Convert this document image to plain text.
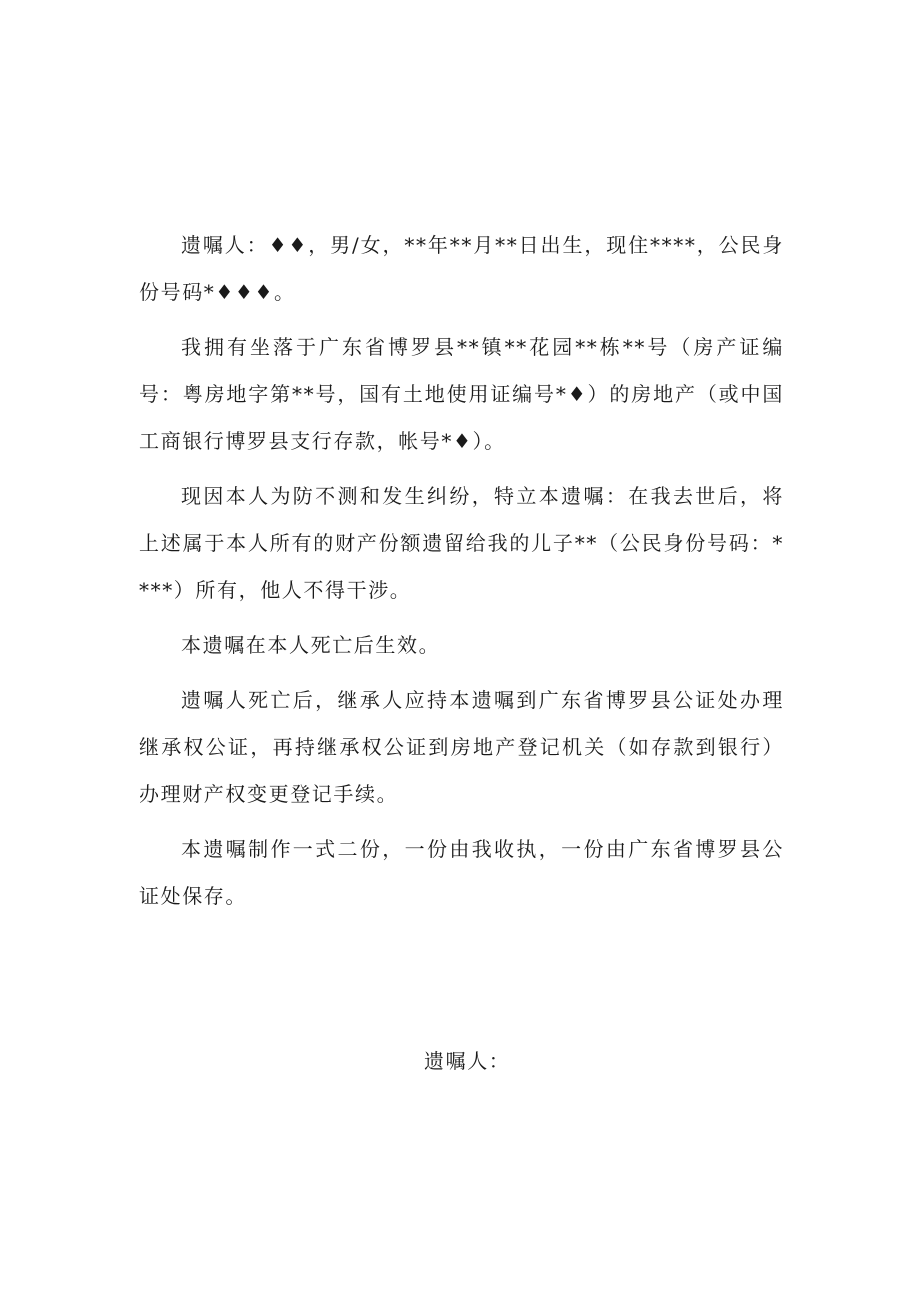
遗嘱人：♦♦，男/女，**年**月**日出生，现住****，公民身份号码*♦♦♦。

我拥有坐落于广东省博罗县**镇**花园**栋**号（房产证编号：粤房地字第**号，国有土地使用证编号*♦）的房地产（或中国工商银行博罗县支行存款，帐号*♦）。

现因本人为防不测和发生纠纷，特立本遗嘱：在我去世后，将上述属于本人所有的财产份额遗留给我的儿子**（公民身份号码：****）所有，他人不得干涉。

本遗嘱在本人死亡后生效。

遗嘱人死亡后，继承人应持本遗嘱到广东省博罗县公证处办理继承权公证，再持继承权公证到房地产登记机关（如存款到银行）办理财产权变更登记手续。

本遗嘱制作一式二份，一份由我收执，一份由广东省博罗县公证处保存。

遗嘱人：
